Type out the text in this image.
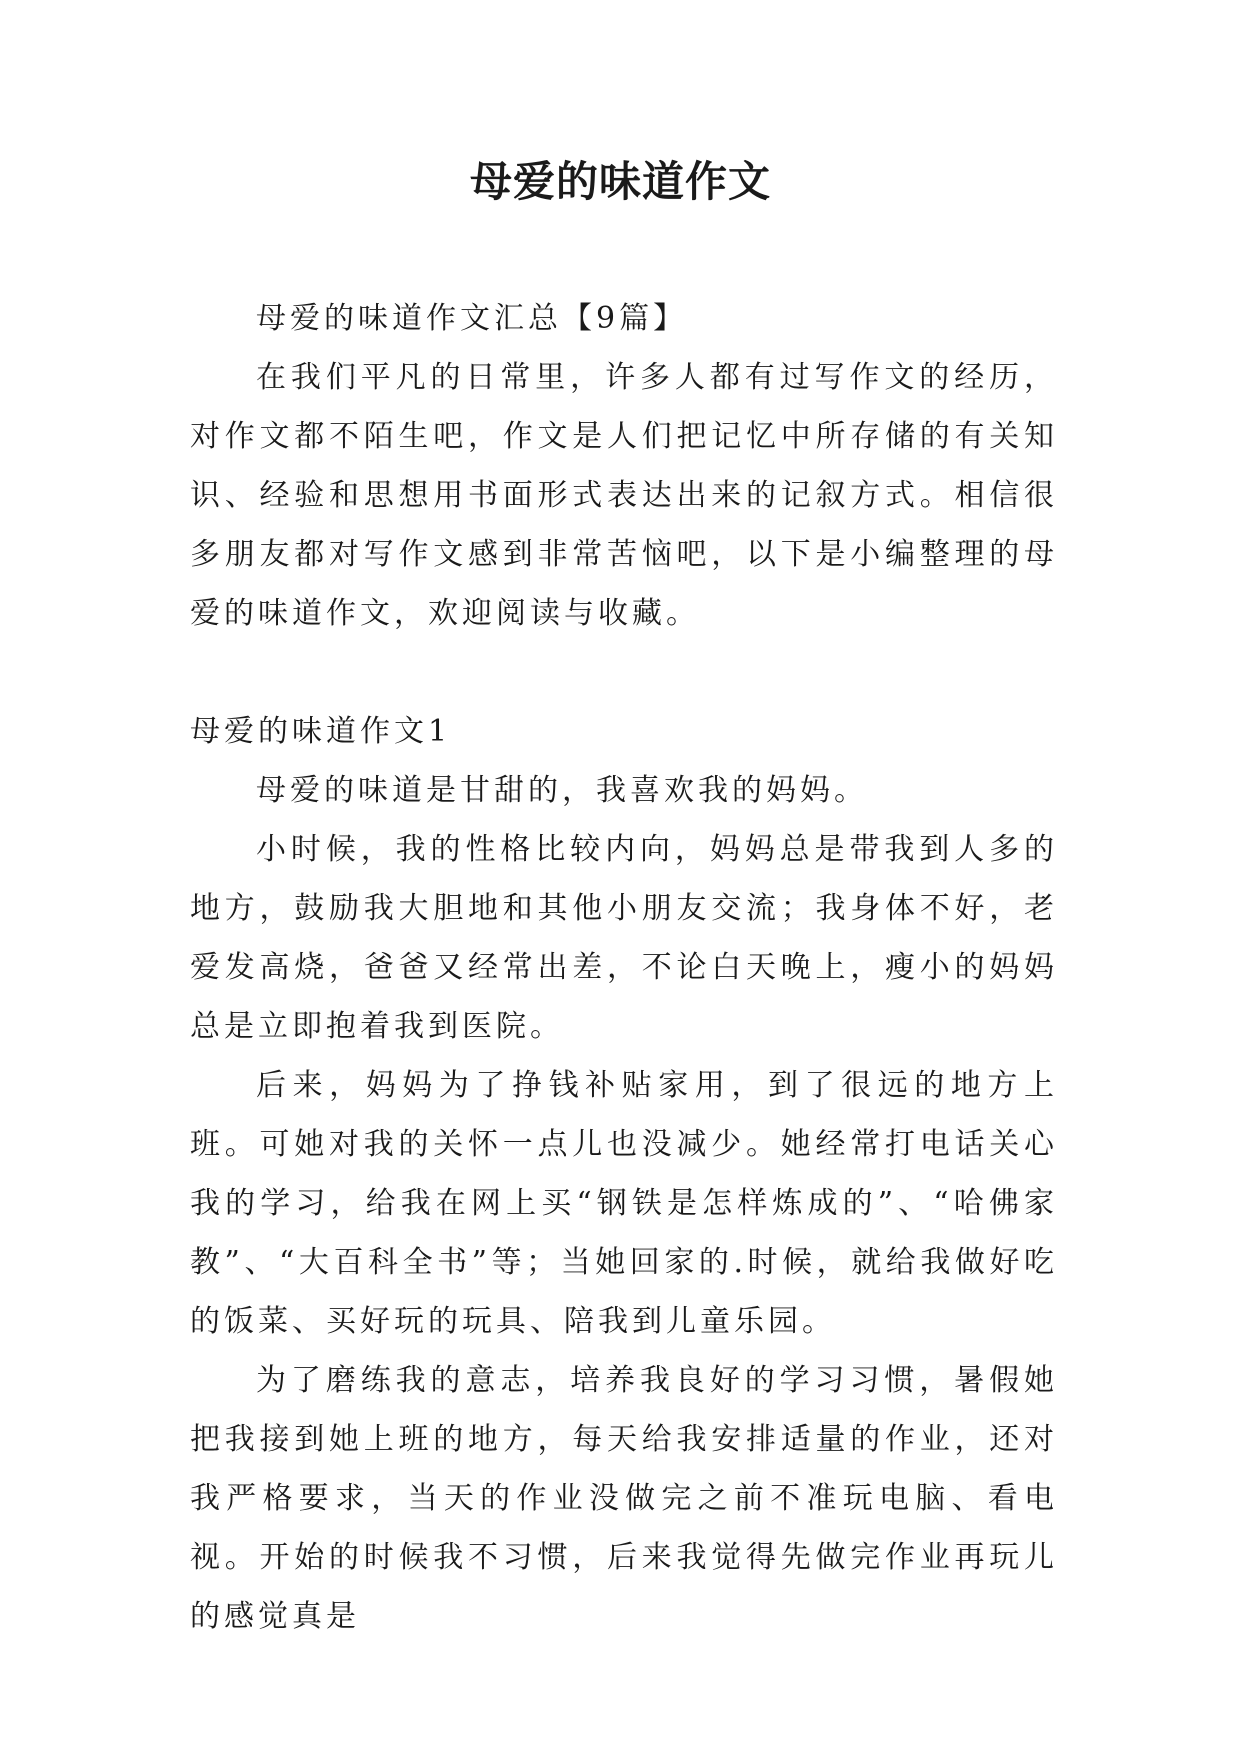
母爱的味道作文

母爱的味道作文汇总【9篇】

在我们平凡的日常里，许多人都有过写作文的经历，对作文都不陌生吧，作文是人们把记忆中所存储的有关知识、经验和思想用书面形式表达出来的记叙方式。相信很多朋友都对写作文感到非常苦恼吧，以下是小编整理的母爱的味道作文，欢迎阅读与收藏。

母爱的味道作文1

母爱的味道是甘甜的，我喜欢我的妈妈。

小时候，我的性格比较内向，妈妈总是带我到人多的地方，鼓励我大胆地和其他小朋友交流；我身体不好，老爱发高烧，爸爸又经常出差，不论白天晚上，瘦小的妈妈总是立即抱着我到医院。

后来，妈妈为了挣钱补贴家用，到了很远的地方上班。可她对我的关怀一点儿也没减少。她经常打电话关心我的学习，给我在网上买“钢铁是怎样炼成的”、“哈佛家教”、“大百科全书”等；当她回家的.时候，就给我做好吃的饭菜、买好玩的玩具、陪我到儿童乐园。

为了磨练我的意志，培养我良好的学习习惯，暑假她把我接到她上班的地方，每天给我安排适量的作业，还对我严格要求，当天的作业没做完之前不准玩电脑、看电视。开始的时候我不习惯，后来我觉得先做完作业再玩儿的感觉真是
